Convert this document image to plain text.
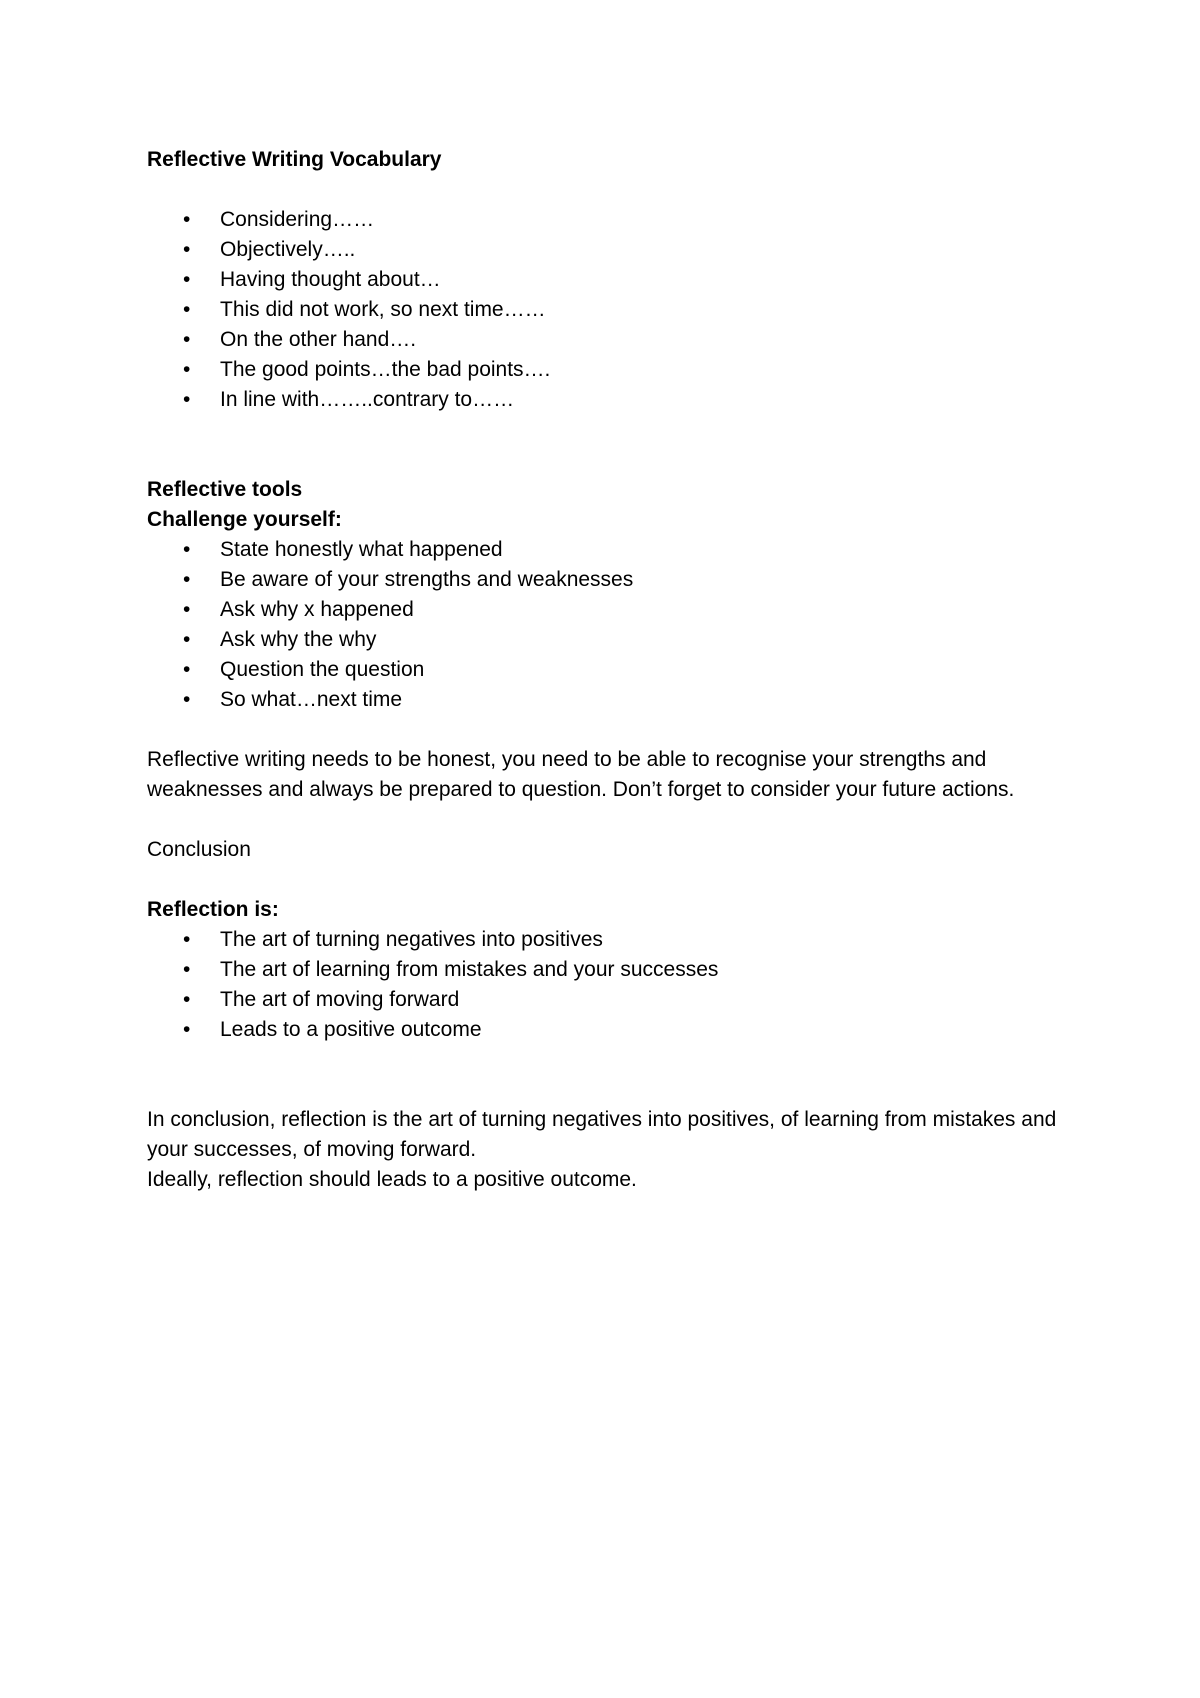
Reflective Writing Vocabulary

• Considering……
• Objectively…..
• Having thought about…
• This did not work, so next time……
• On the other hand….
• The good points…the bad points….
• In line with……..contrary to……

Reflective tools

Challenge yourself:

• State honestly what happened
• Be aware of your strengths and weaknesses
• Ask why x happened
• Ask why the why
• Question the question
• So what…next time

Reflective writing needs to be honest, you need to be able to recognise your strengths and weaknesses and always be prepared to question. Don’t forget to consider your future actions.

Conclusion

Reflection is:

• The art of turning negatives into positives
• The art of learning from mistakes and your successes
• The art of moving forward
• Leads to a positive outcome

In conclusion, reflection is the art of turning negatives into positives, of learning from mistakes and your successes, of moving forward.

Ideally, reflection should leads to a positive outcome.
